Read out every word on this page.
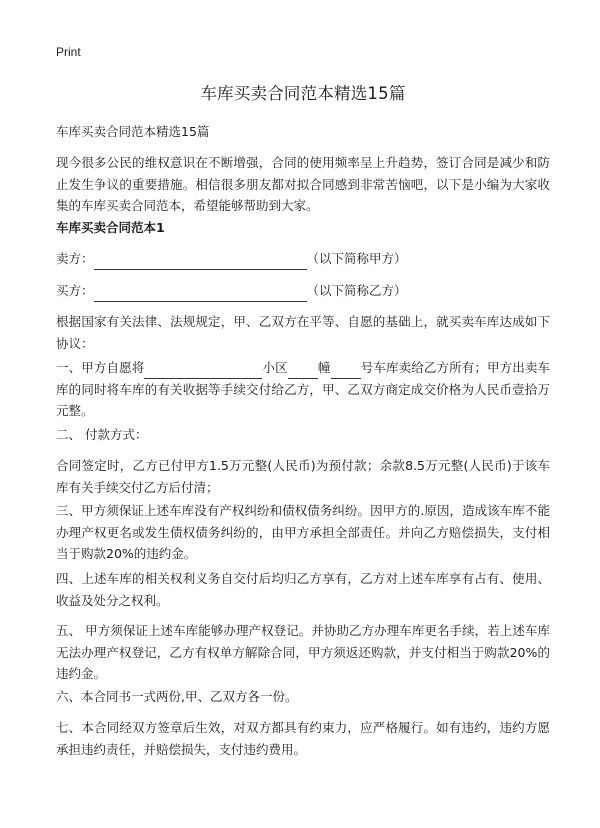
Print
车库买卖合同范本精选15篇
车库买卖合同范本精选15篇
现今很多公民的维权意识在不断增强，合同的使用频率呈上升趋势，签订合同是减少和防止发生争议的重要措施。相信很多朋友都对拟合同感到非常苦恼吧，以下是小编为大家收集的车库买卖合同范本，希望能够帮助到大家。
车库买卖合同范本1
卖方：	（以下简称甲方）
买方：	（以下简称乙方）
根据国家有关法律、法规规定，甲、乙双方在平等、自愿的基础上，就买卖车库达成如下协议：
一、甲方自愿将	小区 幢 号车库卖给乙方所有；甲方出卖车库的同时将车库的有关收据等手续交付给乙方，甲、乙双方商定成交价格为人民币壹拾万元整。
二、 付款方式：
合同签定时，乙方已付甲方1.5万元整(人民币)为预付款；余款8.5万元整(人民币)于该车库有关手续交付乙方后付清；
三、甲方须保证上述车库没有产权纠纷和债权债务纠纷。因甲方的.原因，造成该车库不能办理产权更名或发生债权债务纠纷的，由甲方承担全部责任。并向乙方赔偿损失，支付相当于购款20%的违约金。
四、上述车库的相关权利义务自交付后均归乙方享有，乙方对上述车库享有占有、使用、收益及处分之权利。
五、 甲方须保证上述车库能够办理产权登记。并协助乙方办理车库更名手续，若上述车库无法办理产权登记，乙方有权单方解除合同，甲方须返还购款，并支付相当于购款20%的违约金。
六、本合同书一式两份,甲、乙双方各一份。
七、本合同经双方签章后生效，对双方都具有约束力，应严格履行。如有违约，违约方愿承担违约责任，并赔偿损失，支付违约费用。
